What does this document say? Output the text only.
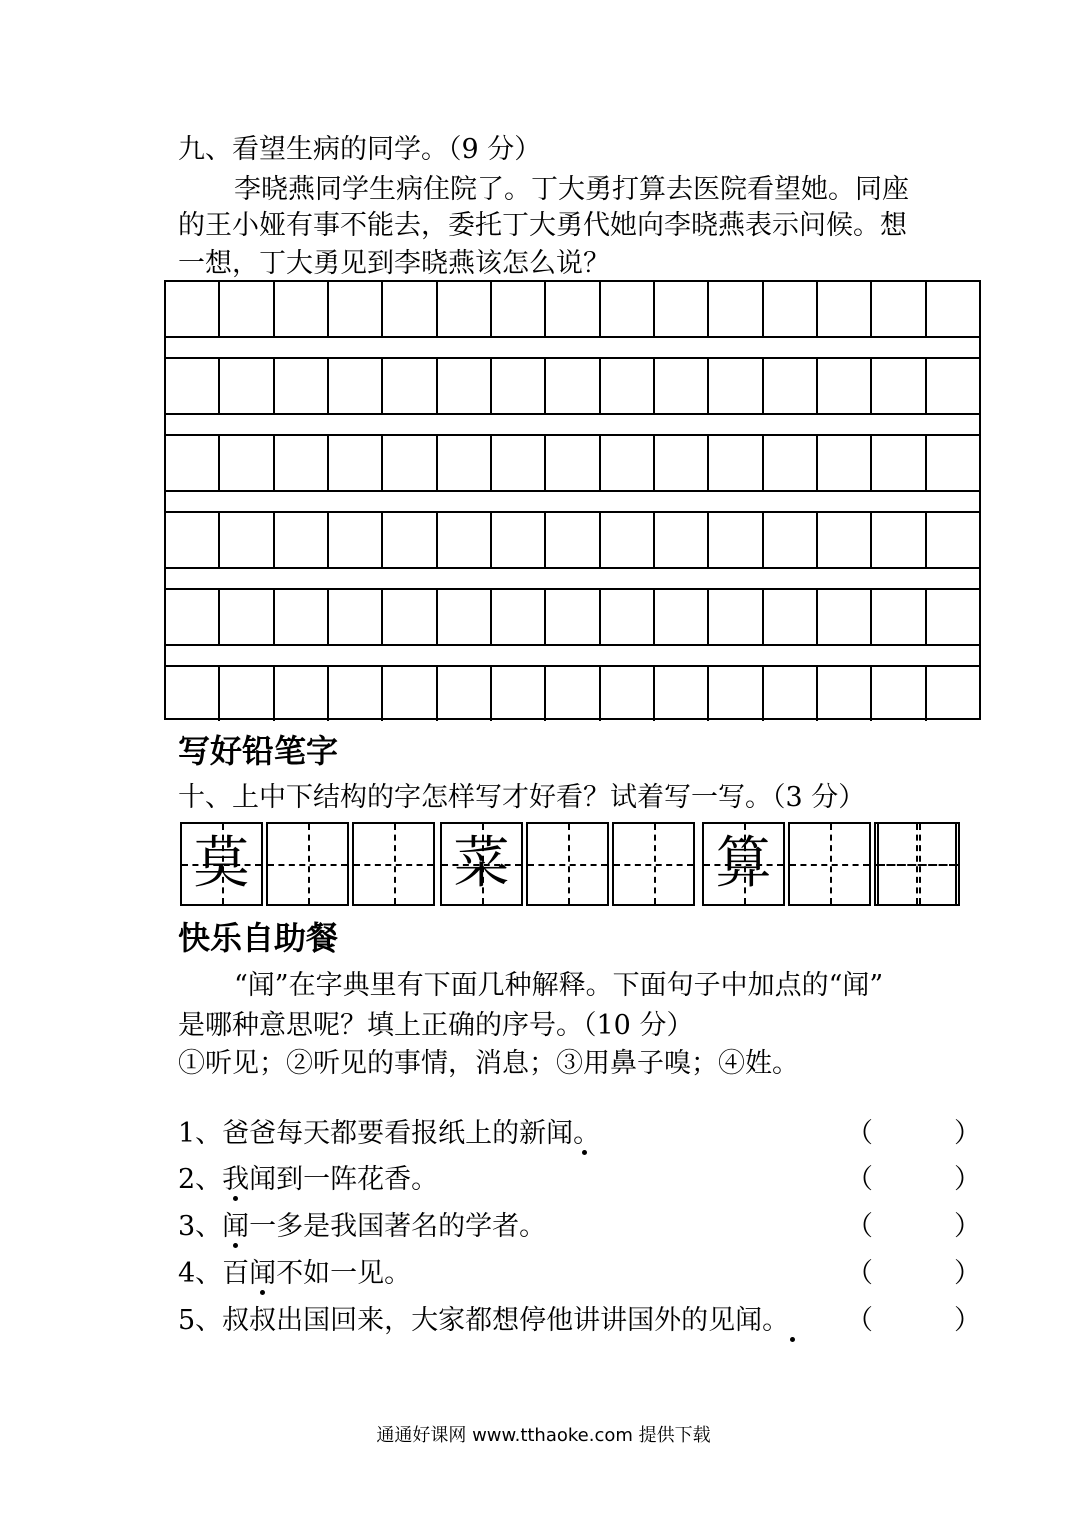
九、看望生病的同学。（9 分）
李晓燕同学生病住院了。丁大勇打算去医院看望她。同座
的王小娅有事不能去，委托丁大勇代她向李晓燕表示问候。想
一想，丁大勇见到李晓燕该怎么说？
写好铅笔字
十、上中下结构的字怎样写才好看？试着写一写。（3 分）
莫	菜	算
快乐自助餐
“闻”在字典里有下面几种解释。下面句子中加点的“闻”
是哪种意思呢？填上正确的序号。（10 分）
①听见；②听见的事情，消息；③用鼻子嗅；④姓。
1、爸爸每天都要看报纸上的新闻。	（　　　）
2、我闻到一阵花香。	（　　　）
3、闻一多是我国著名的学者。	（　　　）
4、百闻不如一见。	（　　　）
5、叔叔出国回来，大家都想停他讲讲国外的见闻。 （　　　）
通通好课网 www.tthaoke.com 提供下载
